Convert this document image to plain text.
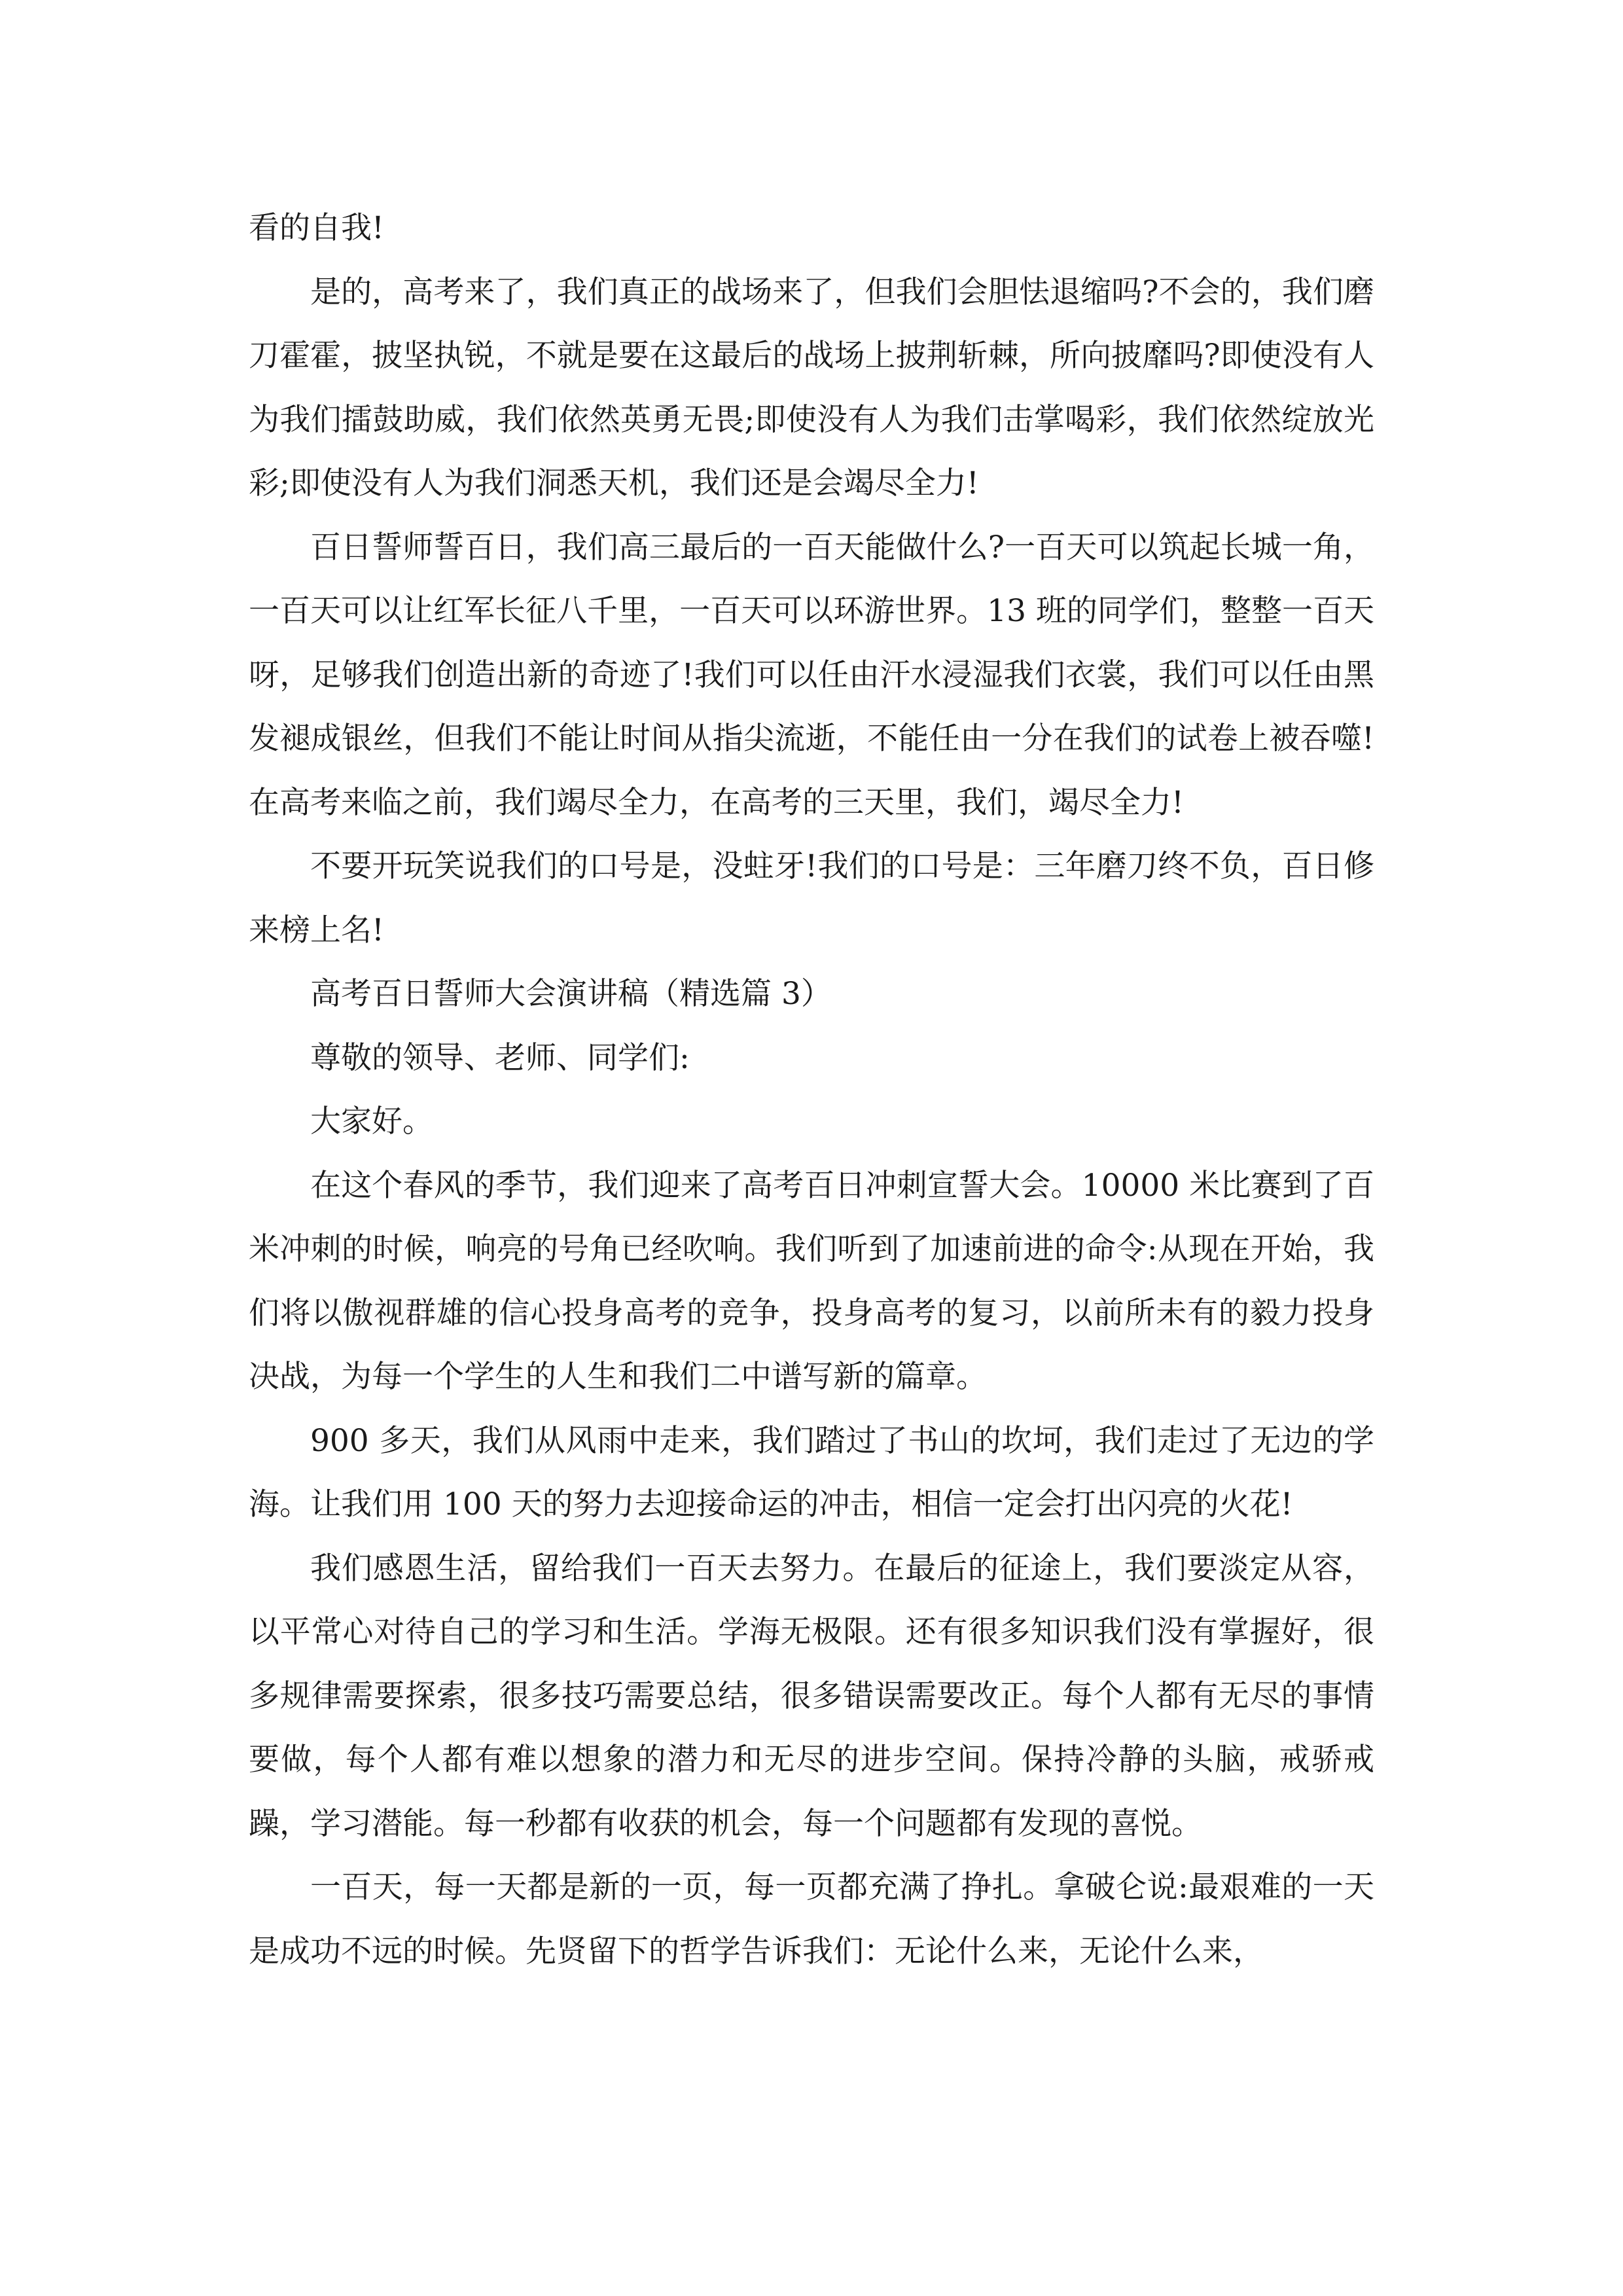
看的自我!

是的，高考来了，我们真正的战场来了，但我们会胆怯退缩吗?不会的，我们磨刀霍霍，披坚执锐，不就是要在这最后的战场上披荆斩棘，所向披靡吗?即使没有人为我们擂鼓助威，我们依然英勇无畏;即使没有人为我们击掌喝彩，我们依然绽放光彩;即使没有人为我们洞悉天机，我们还是会竭尽全力!

百日誓师誓百日，我们高三最后的一百天能做什么?一百天可以筑起长城一角，一百天可以让红军长征八千里，一百天可以环游世界。13 班的同学们，整整一百天呀，足够我们创造出新的奇迹了!我们可以任由汗水浸湿我们衣裳，我们可以任由黑发褪成银丝，但我们不能让时间从指尖流逝，不能任由一分在我们的试卷上被吞噬!在高考来临之前，我们竭尽全力，在高考的三天里，我们，竭尽全力!

不要开玩笑说我们的口号是，没蛀牙!我们的口号是：三年磨刀终不负，百日修来榜上名!

高考百日誓师大会演讲稿（精选篇 3）

尊敬的领导、老师、同学们:

大家好。

在这个春风的季节，我们迎来了高考百日冲刺宣誓大会。10000 米比赛到了百米冲刺的时候，响亮的号角已经吹响。我们听到了加速前进的命令:从现在开始，我们将以傲视群雄的信心投身高考的竞争，投身高考的复习，以前所未有的毅力投身决战，为每一个学生的人生和我们二中谱写新的篇章。

900 多天，我们从风雨中走来，我们踏过了书山的坎坷，我们走过了无边的学海。让我们用 100 天的努力去迎接命运的冲击，相信一定会打出闪亮的火花!

我们感恩生活，留给我们一百天去努力。在最后的征途上，我们要淡定从容，以平常心对待自己的学习和生活。学海无极限。还有很多知识我们没有掌握好，很多规律需要探索，很多技巧需要总结，很多错误需要改正。每个人都有无尽的事情要做，每个人都有难以想象的潜力和无尽的进步空间。保持冷静的头脑，戒骄戒躁，学习潜能。每一秒都有收获的机会，每一个问题都有发现的喜悦。

一百天，每一天都是新的一页，每一页都充满了挣扎。拿破仑说:最艰难的一天是成功不远的时候。先贤留下的哲学告诉我们：无论什么来，无论什么来，
